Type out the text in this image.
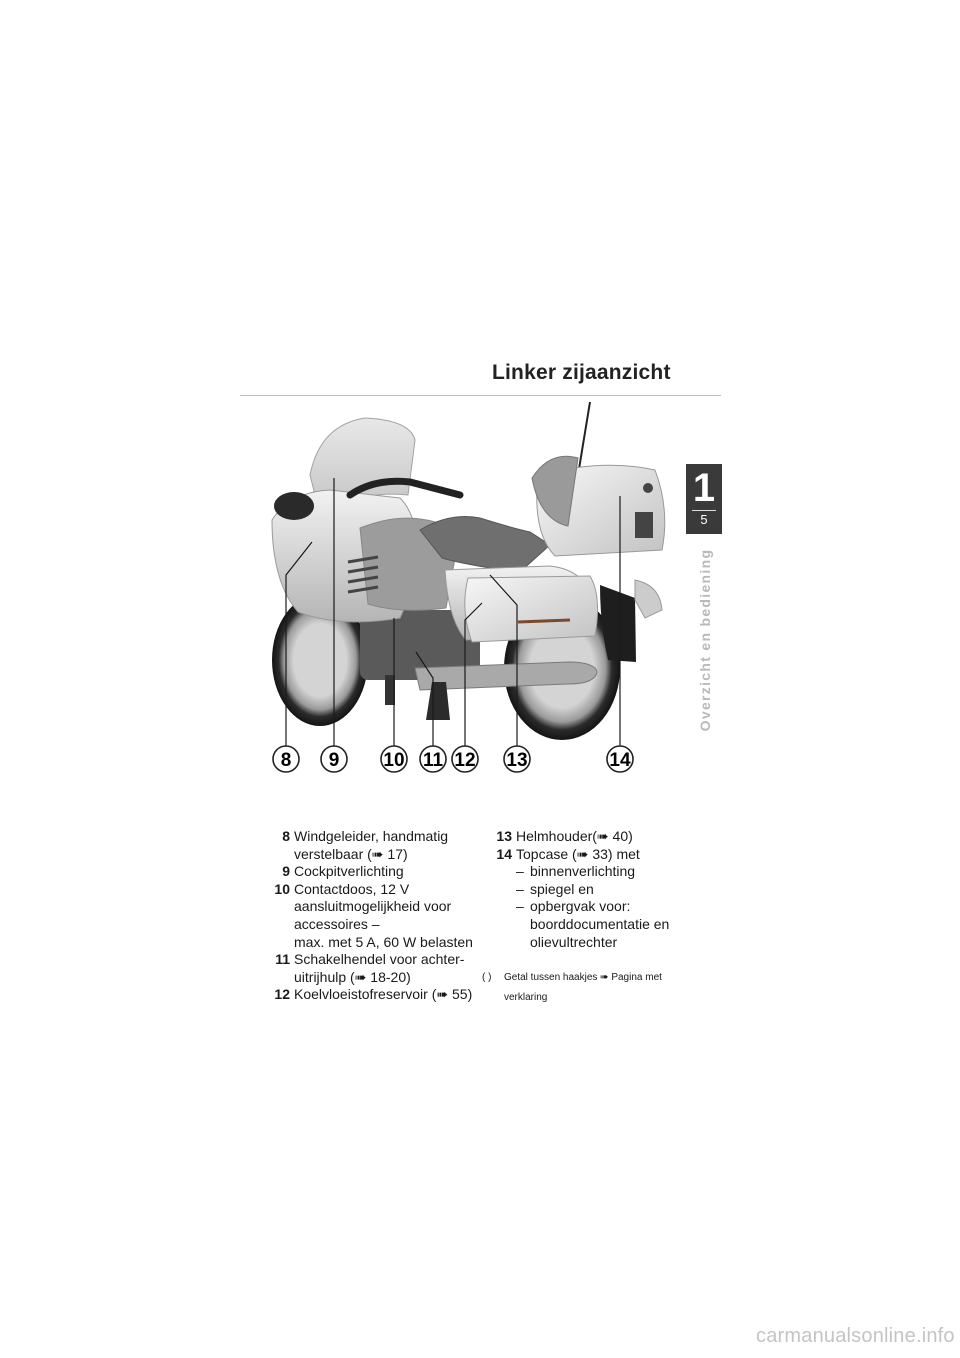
Linker zijaanzicht
1
5
Overzicht en bediening
8 9 10 11 12 13	14
8 Windgeleider, handmatig
verstelbaar (➠ 17)
9 Cockpitverlichting
10 Contactdoos, 12 V
aansluitmogelijkheid voor
accessoires –
max. met 5 A, 60 W belasten
11 Schakelhendel voor achter-
uitrijhulp (➠ 18-20)
12 Koelvloeistofreservoir (➠ 55)
13 Helmhouder(➠ 40)
14 Topcase (➠ 33) met
– binnenverlichting
– spiegel en
– opbergvak voor:
boorddocumentatie en
olievultrechter
( ) Getal tussen haakjes ➠ Pagina met
verklaring
carmanualsonline.info
